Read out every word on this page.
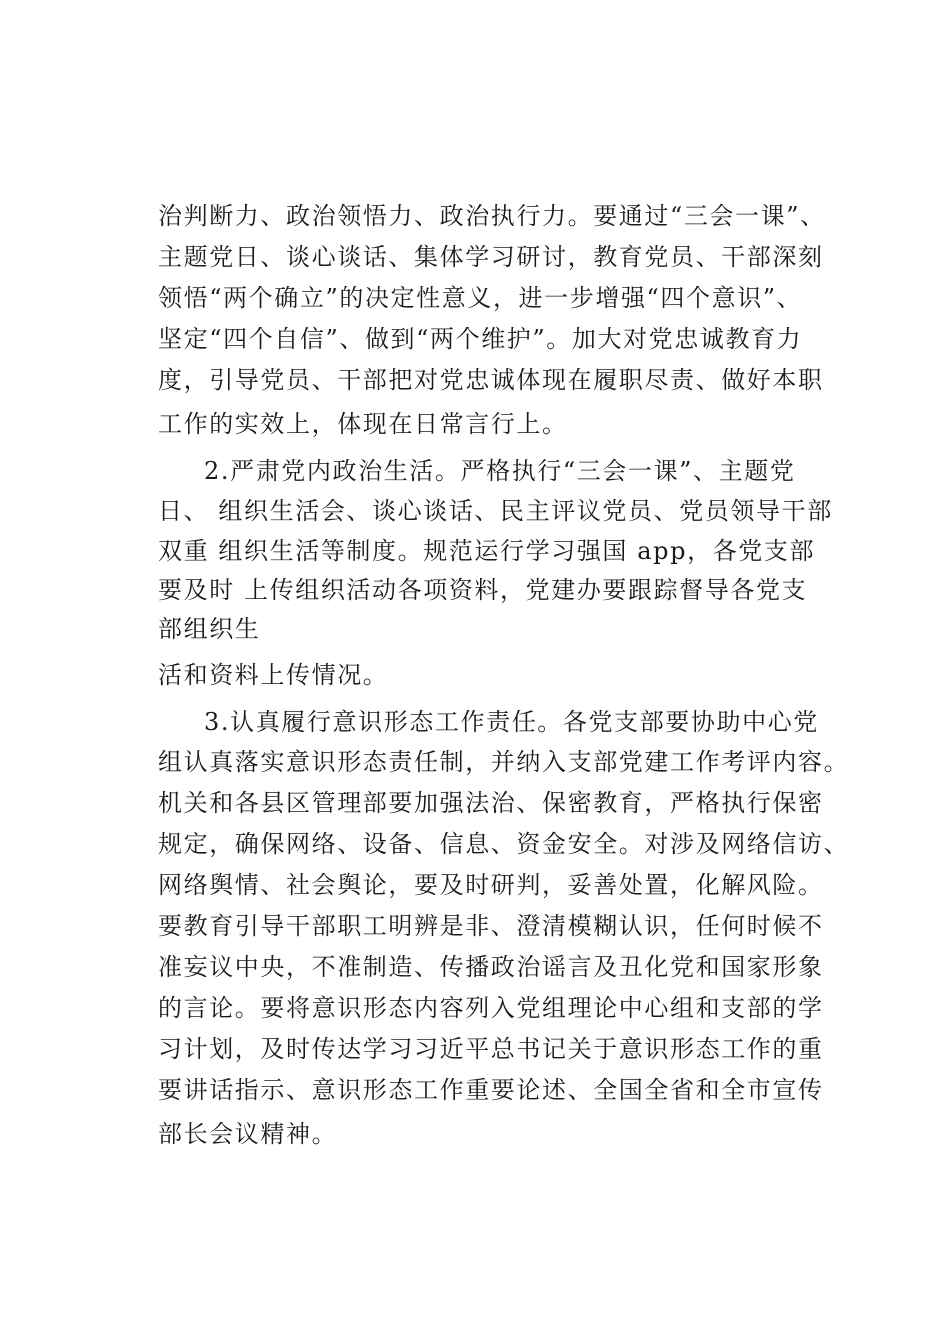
治判断力、政治领悟力、政治执行力。要通过“三会一课”、
主题党日、谈心谈话、集体学习研讨，教育党员、干部深刻
领悟“两个确立”的决定性意义，进一步增强“四个意识”、
坚定“四个自信”、做到“两个维护”。加大对党忠诚教育力
度，引导党员、干部把对党忠诚体现在履职尽责、做好本职
工作的实效上，体现在日常言行上。
2.严肃党内政治生活。严格执行“三会一课”、主题党
日、 组织生活会、谈心谈话、民主评议党员、党员领导干部
双重 组织生活等制度。规范运行学习强国 app，各党支部
要及时 上传组织活动各项资料，党建办要跟踪督导各党支
部组织生
活和资料上传情况。
3.认真履行意识形态工作责任。各党支部要协助中心党
组认真落实意识形态责任制，并纳入支部党建工作考评内容。
机关和各县区管理部要加强法治、保密教育，严格执行保密
规定，确保网络、设备、信息、资金安全。对涉及网络信访、
网络舆情、社会舆论，要及时研判，妥善处置，化解风险。
要教育引导干部职工明辨是非、澄清模糊认识，任何时候不
准妄议中央，不准制造、传播政治谣言及丑化党和国家形象
的言论。要将意识形态内容列入党组理论中心组和支部的学
习计划，及时传达学习习近平总书记关于意识形态工作的重
要讲话指示、意识形态工作重要论述、全国全省和全市宣传
部长会议精神。
